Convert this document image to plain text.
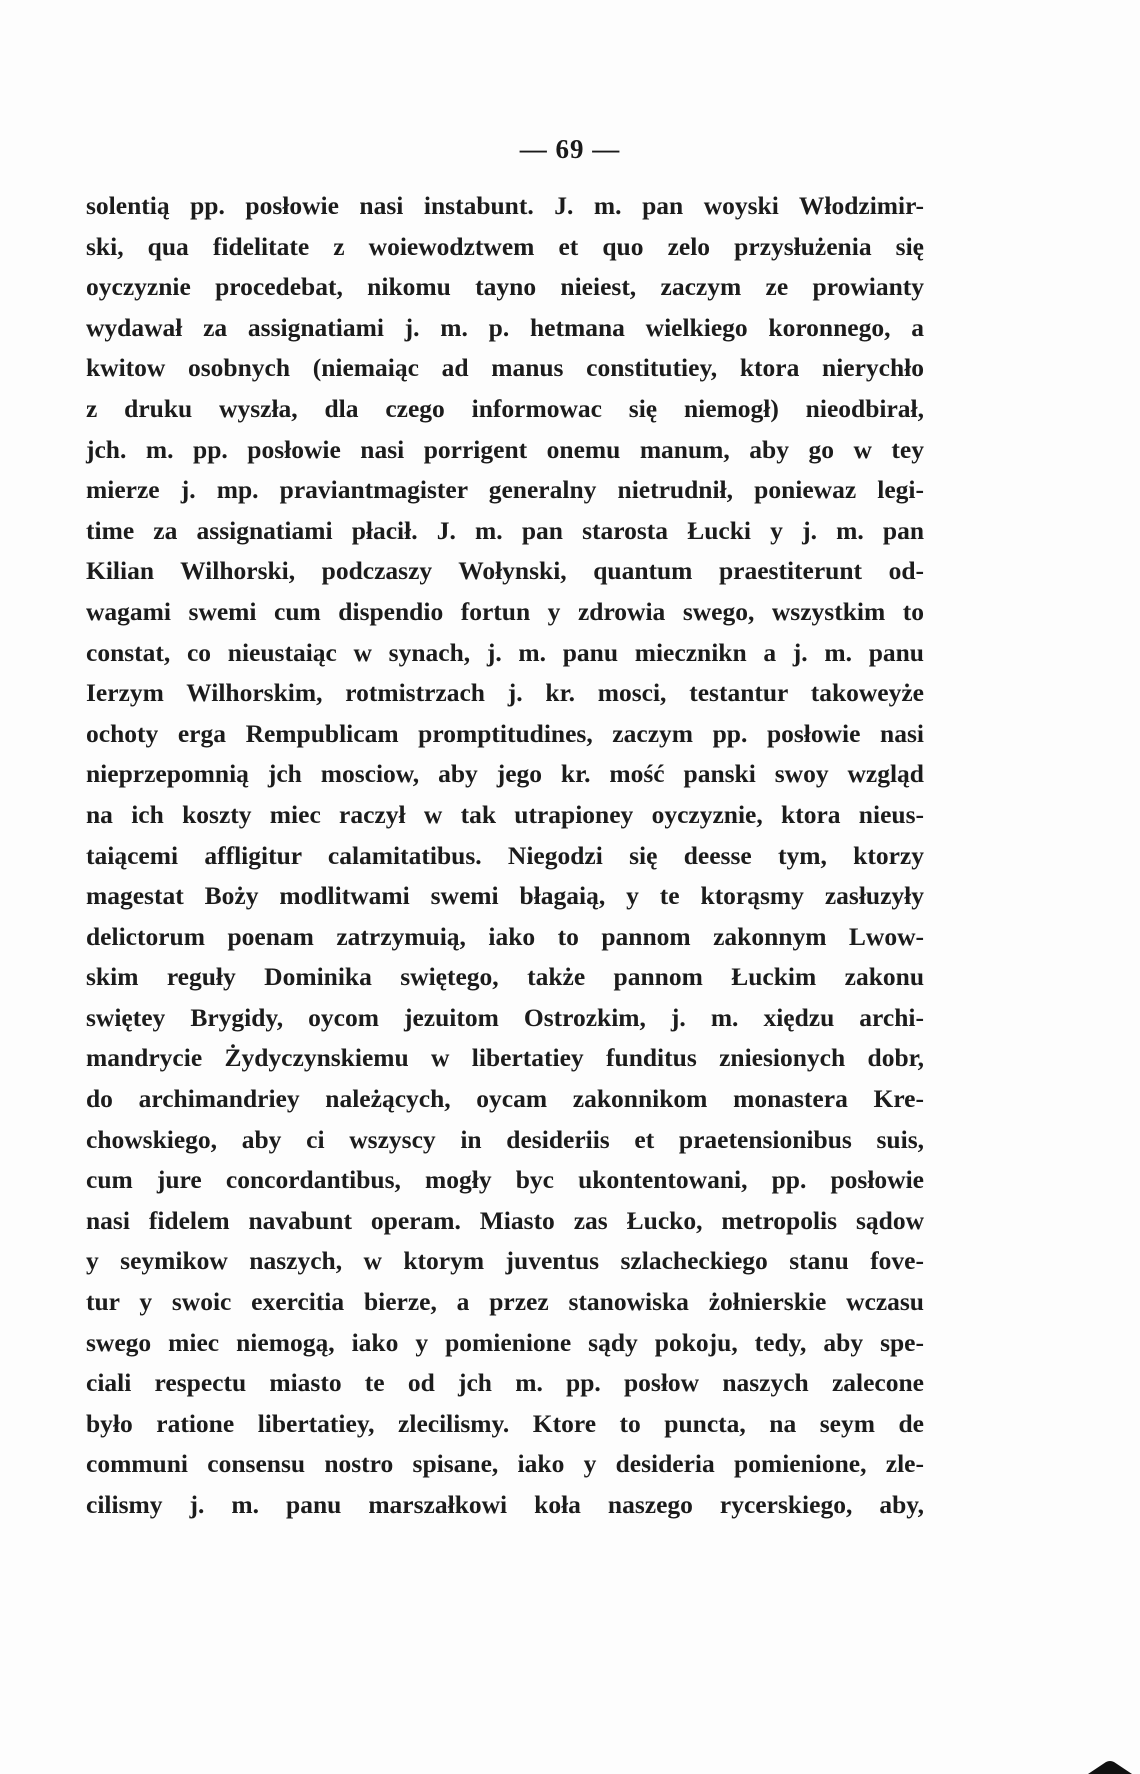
— 69 —
solentią pp. posłowie nasi instabunt. J. m. pan woyski Włodzimir-
ski, qua fidelitate z woiewodztwem et quo zelo przysłużenia się
oyczyznie procedebat, nikomu tayno nieiest, zaczym ze prowianty
wydawał za assignatiami j. m. p. hetmana wielkiego koronnego, a
kwitow osobnych (niemaiąc ad manus constitutiey, ktora nierychło
z druku wyszła, dla czego informowac się niemogł) nieodbirał,
jch. m. pp. posłowie nasi porrigent onemu manum, aby go w tey
mierze j. mp. praviantmagister generalny nietrudnił, poniewaz legi-
time za assignatiami płacił. J. m. pan starosta Łucki y j. m. pan
Kilian Wilhorski, podczaszy Wołynski, quantum praestiterunt od-
wagami swemi cum dispendio fortun y zdrowia swego, wszystkim to
constat, co nieustaiąc w synach, j. m. panu miecznikn a j. m. panu
Ierzym Wilhorskim, rotmistrzach j. kr. mosci, testantur takoweyże
ochoty erga Rempublicam promptitudines, zaczym pp. posłowie nasi
nieprzepomnią jch mosciow, aby jego kr. mość panski swoy wzgląd
na ich koszty miec raczył w tak utrapioney oyczyznie, ktora nieus-
taiącemi affligitur calamitatibus. Niegodzi się deesse tym, ktorzy
magestat Boży modlitwami swemi błagaią, y te ktorąsmy zasłuzyły
delictorum poenam zatrzymuią, iako to pannom zakonnym Lwow-
skim reguły Dominika swiętego, także pannom Łuckim zakonu
swiętey Brygidy, oycom jezuitom Ostrozkim, j. m. xiędzu archi-
mandrycie Żydyczynskiemu w libertatiey funditus zniesionych dobr,
do archimandriey należących, oycam zakonnikom monastera Kre-
chowskiego, aby ci wszyscy in desideriis et praetensionibus suis,
cum jure concordantibus, mogły byc ukontentowani, pp. posłowie
nasi fidelem navabunt operam. Miasto zas Łucko, metropolis sądow
y seymikow naszych, w ktorym juventus szlacheckiego stanu fove-
tur y swoic exercitia bierze, a przez stanowiska żołnierskie wczasu
swego miec niemogą, iako y pomienione sądy pokoju, tedy, aby spe-
ciali respectu miasto te od jch m. pp. posłow naszych zalecone
było ratione libertatiey, zlecilismy. Ktore to puncta, na seym de
communi consensu nostro spisane, iako y desideria pomienione, zle-
cilismy j. m. panu marszałkowi koła naszego rycerskiego, aby,
